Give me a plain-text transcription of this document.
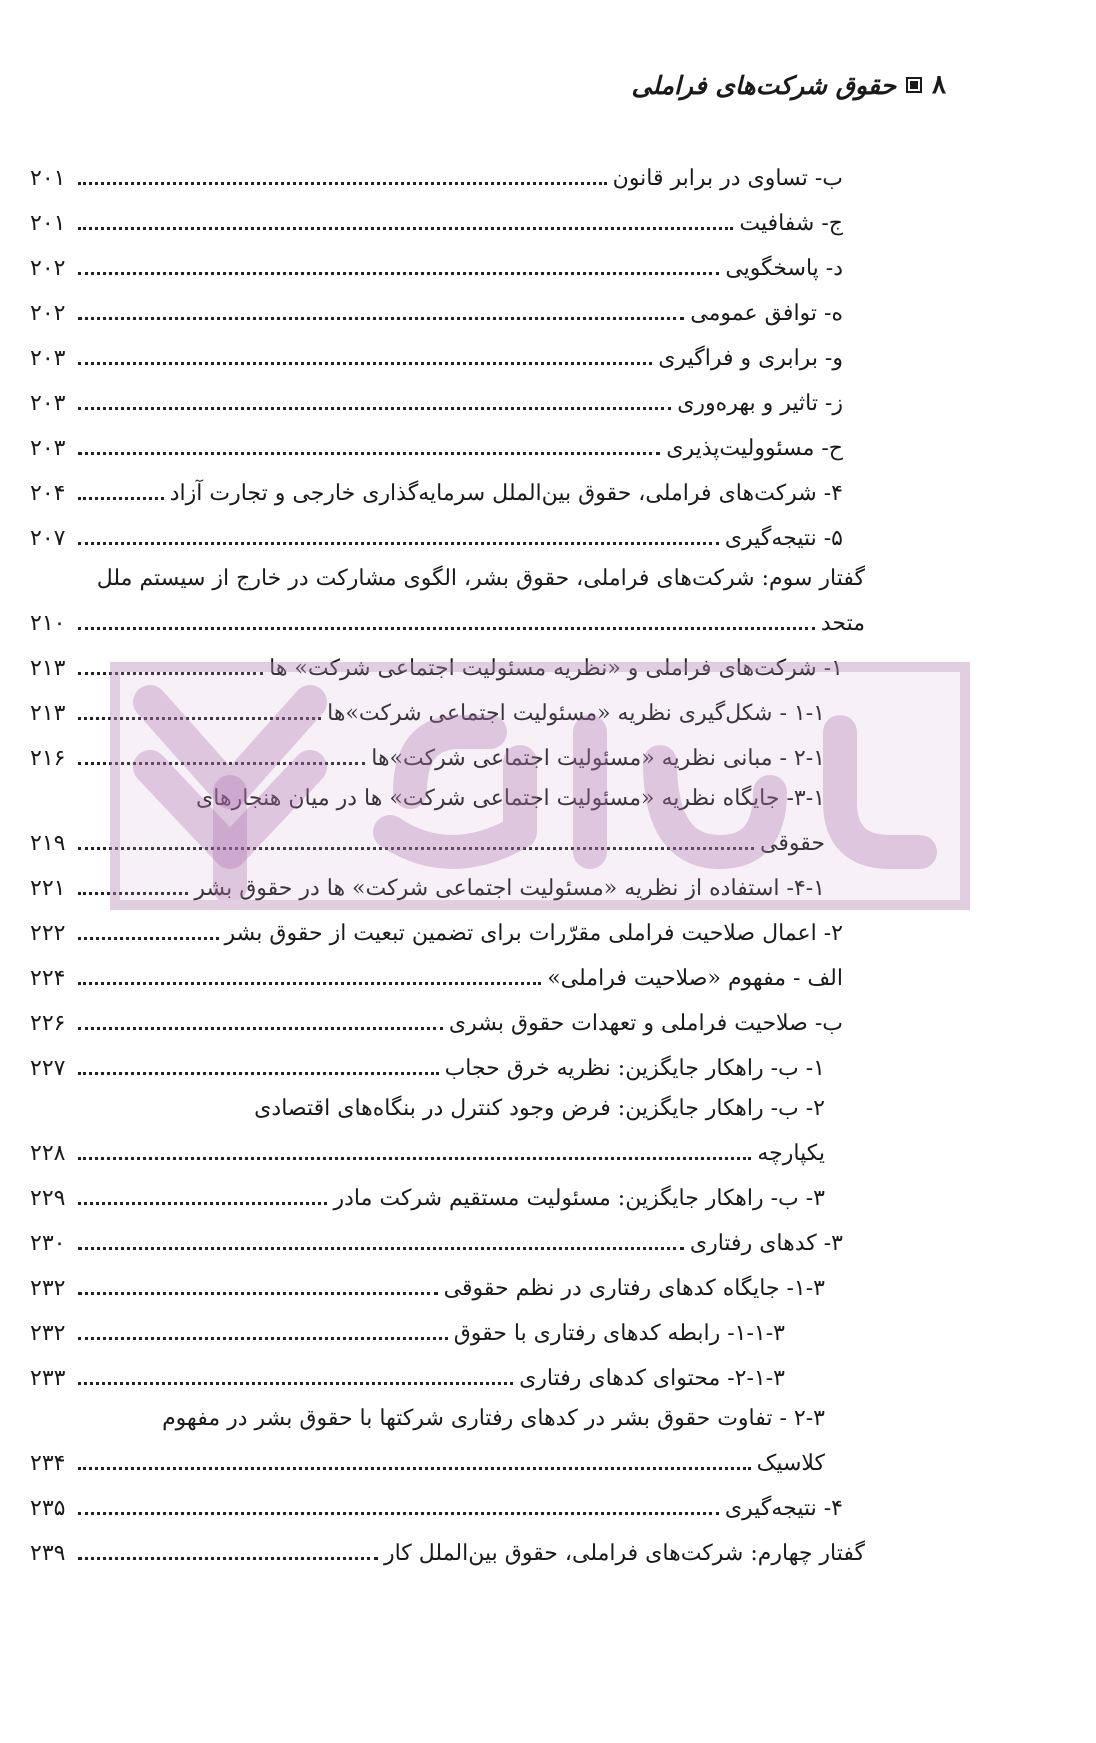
۸
حقوق شرکت‌های فراملی
ب- تساوی در برابر قانون
۲۰۱
ج- شفافیت
۲۰۱
د- پاسخگویی
۲۰۲
ه- توافق عمومی
۲۰۲
و- برابری و فراگیری
۲۰۳
ز- تاثیر و بهره‌وری
۲۰۳
ح- مسئوولیت‌پذیری
۲۰۳
۴- شرکت‌های فراملی، حقوق بین‌الملل سرمایه‌گذاری خارجی و تجارت آزاد
۲۰۴
۵- نتیجه‌گیری
۲۰۷
گفتار سوم: شرکت‌های فراملی، حقوق بشر، الگوی مشارکت در خارج از سیستم ملل
متحد
۲۱۰
۱- شرکت‌های فراملی و «نظریه مسئولیت اجتماعی شرکت» ها
۲۱۳
۱-۱ - شکل‌گیری نظریه «مسئولیت اجتماعی شرکت»ها
۲۱۳
۲-۱ - مبانی نظریه «مسئولیت اجتماعی شرکت»ها
۲۱۶
۳-۱- جایگاه نظریه «مسئولیت اجتماعی شرکت» ها در میان هنجارهای
حقوقی
۲۱۹
۴-۱- استفاده از نظریه «مسئولیت اجتماعی شرکت» ها در حقوق بشر
۲۲۱
۲- اعمال صلاحیت فراملی مقرّرات برای تضمین تبعیت از حقوق بشر
۲۲۲
الف - مفهوم «صلاحیت فراملی»
۲۲۴
ب- صلاحیت فراملی و تعهدات حقوق بشری
۲۲۶
۱- ب- راهکار جایگزین: نظریه خرق حجاب
۲۲۷
۲- ب- راهکار جایگزین: فرض وجود کنترل در بنگاه‌های اقتصادی
یکپارچه
۲۲۸
۳- ب- راهکار جایگزین: مسئولیت مستقیم شرکت مادر
۲۲۹
۳- کدهای رفتاری
۲۳۰
۱-۳- جایگاه کدهای رفتاری در نظم حقوقی
۲۳۲
۱-۱-۳- رابطه کدهای رفتاری با حقوق
۲۳۲
۲-۱-۳- محتوای کدهای رفتاری
۲۳۳
۲-۳ - تفاوت حقوق بشر در کدهای رفتاری شرکتها با حقوق بشر در مفهوم
کلاسیک
۲۳۴
۴- نتیجه‌گیری
۲۳۵
گفتار چهارم: شرکت‌های فراملی، حقوق بین‌الملل کار
۲۳۹
